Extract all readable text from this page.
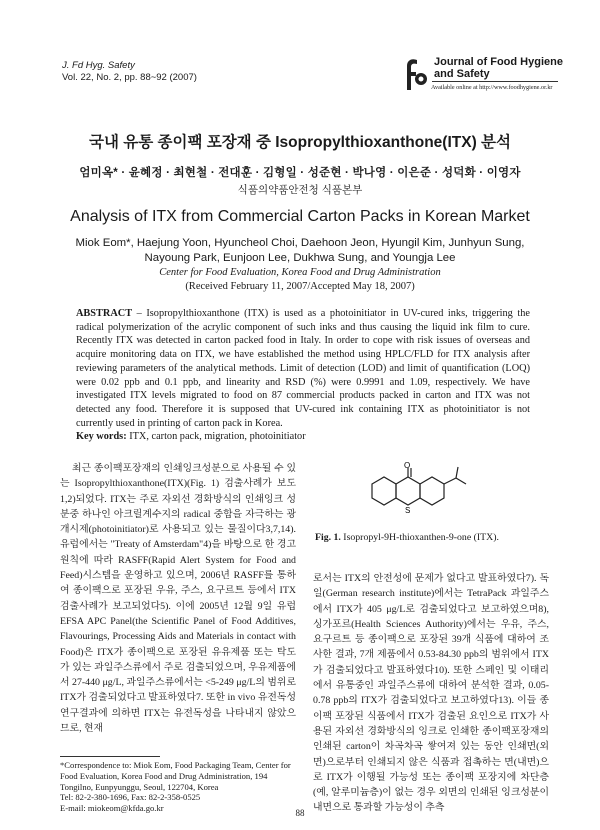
J. Fd Hyg. Safety
Vol. 22, No. 2, pp. 88~92 (2007)
Journal of Food Hygiene
and Safety
Available online at http://www.foodhygiene.or.kr
국내 유통 종이팩 포장재 중 Isopropylthioxanthone(ITX) 분석
엄미옥* · 윤혜정 · 최현철 · 전대훈 · 김형일 · 성준현 · 박나영 · 이은준 · 성덕화 · 이영자
식품의약품안전청 식품본부
Analysis of ITX from Commercial Carton Packs in Korean Market
Miok Eom*, Haejung Yoon, Hyuncheol Choi, Daehoon Jeon, Hyungil Kim, Junhyun Sung,
Nayoung Park, Eunjoon Lee, Dukhwa Sung, and Youngja Lee
Center for Food Evaluation, Korea Food and Drug Administration
(Received February 11, 2007/Accepted May 18, 2007)
ABSTRACT – Isopropylthioxanthone (ITX) is used as a photoinitiator in UV-cured inks, triggering the radical polymerization of the acrylic component of such inks and thus causing the liquid ink film to cure. Recently ITX was detected in carton packed food in Italy. In order to cope with risk issues of overseas and acquire monitoring data on ITX, we have established the method using HPLC/FLD for ITX analysis after reviewing parameters of the analytical methods. Limit of detection (LOD) and limit of quantification (LOQ) were 0.02 ppb and 0.1 ppb, and linearity and RSD (%) were 0.9991 and 1.09, respectively. We have investigated ITX levels migrated to food on 87 commercial products packed in carton and ITX was not detected any food. Therefore it is supposed that UV-cured ink containing ITX as photoinitiator is not currently used in printing of carton pack in Korea.
Key words: ITX, carton pack, migration, photoinitiator
최근 종이팩포장재의 인쇄잉크성분으로 사용될 수 있는 Isopropylthioxanthone(ITX)(Fig. 1) 검출사례가 보도1,2)되었다. ITX는 주로 자외선 경화방식의 인쇄잉크 성분중 하나인 아크릴계수지의 radical 중합을 자극하는 광개시제(photoinitiator)로 사용되고 있는 물질이다3,7,14). 유럽에서는 "Treaty of Amsterdam"4)을 바탕으로 한 경고원칙에 따라 RASFF(Rapid Alert System for Food and Feed)시스템을 운영하고 있으며, 2006년 RASFF를 통하여 종이팩으로 포장된 우유, 주스, 요구르트 등에서 ITX 검출사례가 보고되었다5). 이에 2005년 12월 9일 유럽 EFSA APC Panel(the Scientific Panel of Food Additives, Flavourings, Processing Aids and Materials in contact with Food)은 ITX가 종이팩으로 포장된 유유제품 또는 탁도가 있는 과일주스류에서 주로 검출되었으며, 우유제품에서 27-440 μg/L, 과일주스류에서는 <5-249 μg/L의 범위로 ITX가 검출되었다고 발표하였다7. 또한 in vivo 유전독성 연구결과에 의하면 ITX는 유전독성을 나타내지 않았으므로, 현재
O
S
Fig. 1. Isopropyl-9H-thioxanthen-9-one (ITX).
로서는 ITX의 안전성에 문제가 없다고 발표하였다7). 독일(German research institute)에서는 TetraPack 과일주스에서 ITX가 405 μg/L로 검출되었다고 보고하였으며8), 싱가포르(Health Sciences Authority)에서는 우유, 주스, 요구르트 등 종이팩으로 포장된 39개 식품에 대하여 조사한 결과, 7개 제품에서 0.53-84.30 ppb의 범위에서 ITX가 검출되었다고 발표하였다10). 또한 스페인 및 이태리에서 유통중인 과일주스류에 대하여 분석한 결과, 0.05-0.78 ppb의 ITX가 검출되었다고 보고하였다13). 이들 종이팩 포장된 식품에서 ITX가 검출된 요인으로 ITX가 사용된 자외선 경화방식의 잉크로 인쇄한 종이팩포장재의 인쇄된 carton이 차곡차곡 쌓여져 있는 동안 인쇄면(외면)으로부터 인쇄되지 않은 식품과 접촉하는 면(내면)으로 ITX가 이행될 가능성 또는 종이팩 포장지에 차단층(예, 알루미늄층)이 없는 경우 외면의 인쇄된 잉크성분이 내면으로 통과할 가능성이 추측
*Correspondence to: Miok Eom, Food Packaging Team, Center for Food Evaluation, Korea Food and Drug Administration, 194 Tongilno, Eunpyunggu, Seoul, 122704, Korea
Tel: 82-2-380-1696, Fax: 82-2-358-0525
E-mail: miokeom@kfda.go.kr	88
